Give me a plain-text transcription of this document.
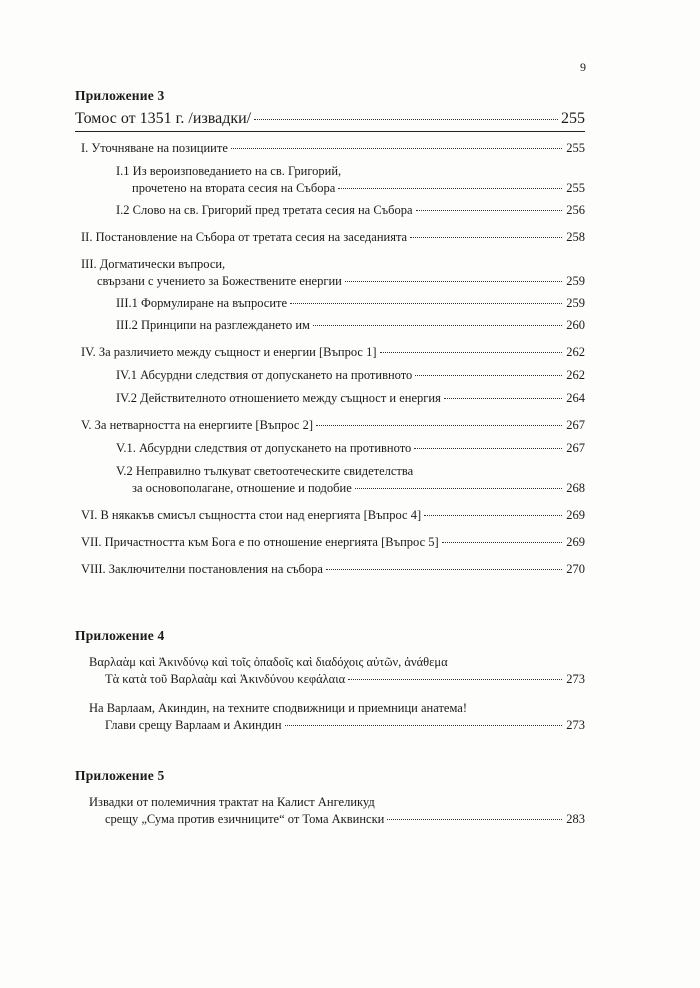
9
Приложение 3
Томос от 1351 г. /извадки/	255
I. Уточняване на позициите	255
I.1 Из вероизповеданието на св. Григорий,
прочетено на втората сесия на Събора	255
I.2 Слово на св. Григорий пред третата сесия на Събора	256
II. Постановление на Събора от третата сесия на заседанията	258
III. Догматически въпроси,
свързани с учението за Божествените енергии	259
III.1 Формулиране на въпросите	259
III.2 Принципи на разглеждането им	260
IV. За различието между същност и енергии [Въпрос 1]	262
IV.1 Абсурдни следствия от допускането на противното	262
IV.2 Действителното отношението между същност и енергия	264
V. За нетварността на енергиите [Въпрос 2]	267
V.1. Абсурдни следствия от допускането на противното	267
V.2 Неправилно тълкуват светоотеческите свидетелства
за основополагане, отношение и подобие	268
VI. В някакъв смисъл същността стои над енергията [Въпрос 4]	269
VII. Причастността към Бога е по отношение енергията [Въпрос 5]	269
VIII. Заключителни постановления на събора	270
Приложение 4
Βαρλαὰμ καὶ Ἀκινδύνῳ καὶ τοῖς ὀπαδοῖς καὶ διαδόχοις αὐτῶν, ἀνάθεμα
Τὰ κατὰ τοῦ Βαρλαὰμ καὶ Ἀκινδύνου κεφάλαια	273
На Варлаам, Акиндин, на техните сподвижници и приемници анатема!
Глави срещу Варлаам и Акиндин	273
Приложение 5
Извадки от полемичния трактат на Калист Ангеликуд
срещу „Сума против езичниците“ от Тома Аквински	283
